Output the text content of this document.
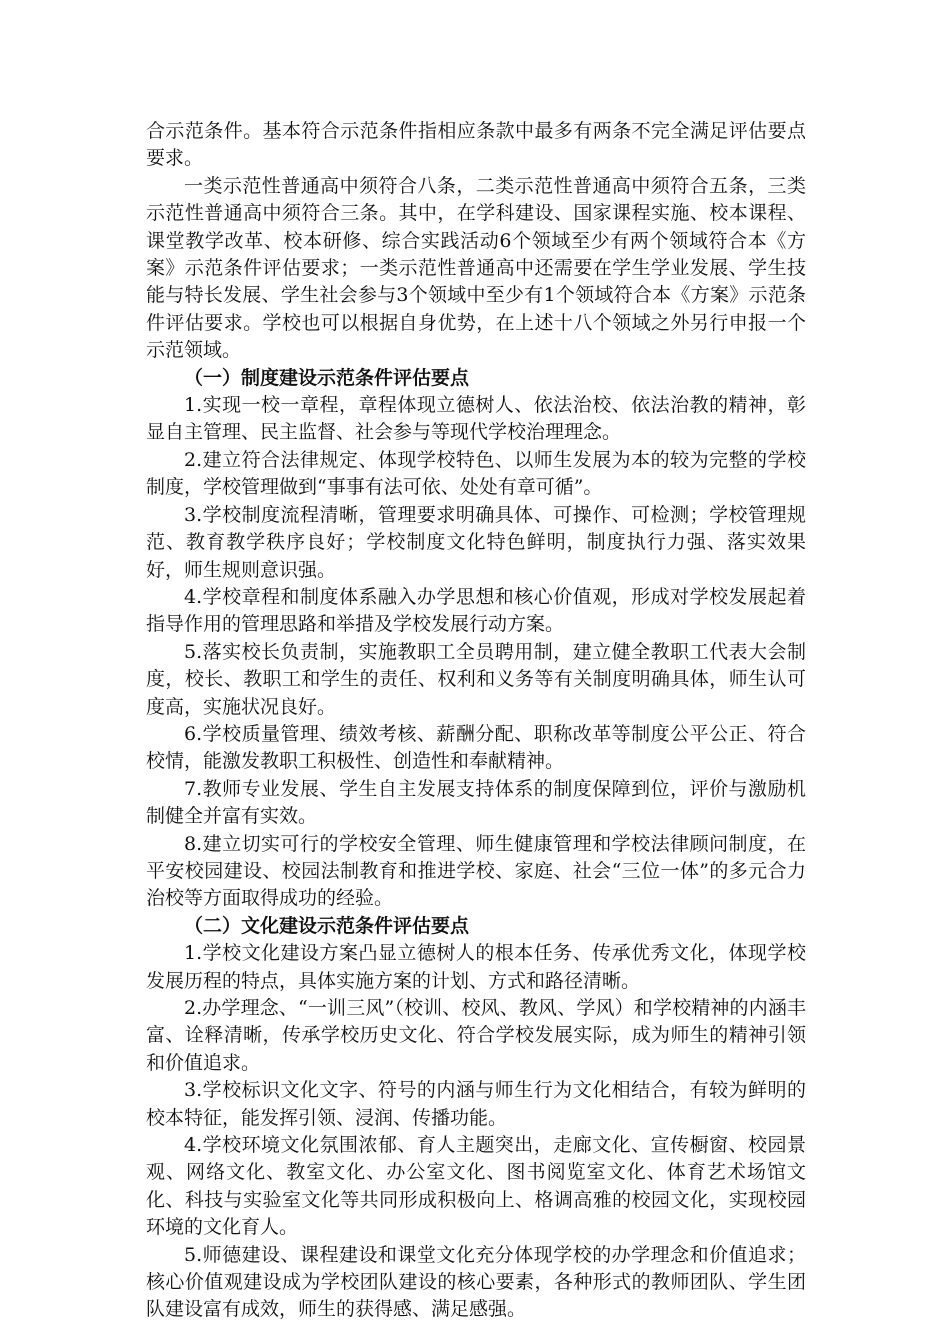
合示范条件。基本符合示范条件指相应条款中最多有两条不完全满足评估要点要求。

一类示范性普通高中须符合八条，二类示范性普通高中须符合五条，三类示范性普通高中须符合三条。其中，在学科建设、国家课程实施、校本课程、课堂教学改革、校本研修、综合实践活动6个领域至少有两个领域符合本《方案》示范条件评估要求；一类示范性普通高中还需要在学生学业发展、学生技能与特长发展、学生社会参与3个领域中至少有1个领域符合本《方案》示范条件评估要求。学校也可以根据自身优势，在上述十八个领域之外另行申报一个示范领域。

（一）制度建设示范条件评估要点

1.实现一校一章程，章程体现立德树人、依法治校、依法治教的精神，彰显自主管理、民主监督、社会参与等现代学校治理理念。

2.建立符合法律规定、体现学校特色、以师生发展为本的较为完整的学校制度，学校管理做到“事事有法可依、处处有章可循”。

3.学校制度流程清晰，管理要求明确具体、可操作、可检测；学校管理规范、教育教学秩序良好；学校制度文化特色鲜明，制度执行力强、落实效果好，师生规则意识强。

4.学校章程和制度体系融入办学思想和核心价值观，形成对学校发展起着指导作用的管理思路和举措及学校发展行动方案。

5.落实校长负责制，实施教职工全员聘用制，建立健全教职工代表大会制度，校长、教职工和学生的责任、权利和义务等有关制度明确具体，师生认可度高，实施状况良好。

6.学校质量管理、绩效考核、薪酬分配、职称改革等制度公平公正、符合校情，能激发教职工积极性、创造性和奉献精神。

7.教师专业发展、学生自主发展支持体系的制度保障到位，评价与激励机制健全并富有实效。

8.建立切实可行的学校安全管理、师生健康管理和学校法律顾问制度，在平安校园建设、校园法制教育和推进学校、家庭、社会“三位一体”的多元合力治校等方面取得成功的经验。

（二）文化建设示范条件评估要点

1.学校文化建设方案凸显立德树人的根本任务、传承优秀文化，体现学校发展历程的特点，具体实施方案的计划、方式和路径清晰。

2.办学理念、“一训三风”（校训、校风、教风、学风）和学校精神的内涵丰富、诠释清晰，传承学校历史文化、符合学校发展实际，成为师生的精神引领和价值追求。

3.学校标识文化文字、符号的内涵与师生行为文化相结合，有较为鲜明的校本特征，能发挥引领、浸润、传播功能。

4.学校环境文化氛围浓郁、育人主题突出，走廊文化、宣传橱窗、校园景观、网络文化、教室文化、办公室文化、图书阅览室文化、体育艺术场馆文化、科技与实验室文化等共同形成积极向上、格调高雅的校园文化，实现校园环境的文化育人。

5.师德建设、课程建设和课堂文化充分体现学校的办学理念和价值追求；核心价值观建设成为学校团队建设的核心要素，各种形式的教师团队、学生团队建设富有成效，师生的获得感、满足感强。
